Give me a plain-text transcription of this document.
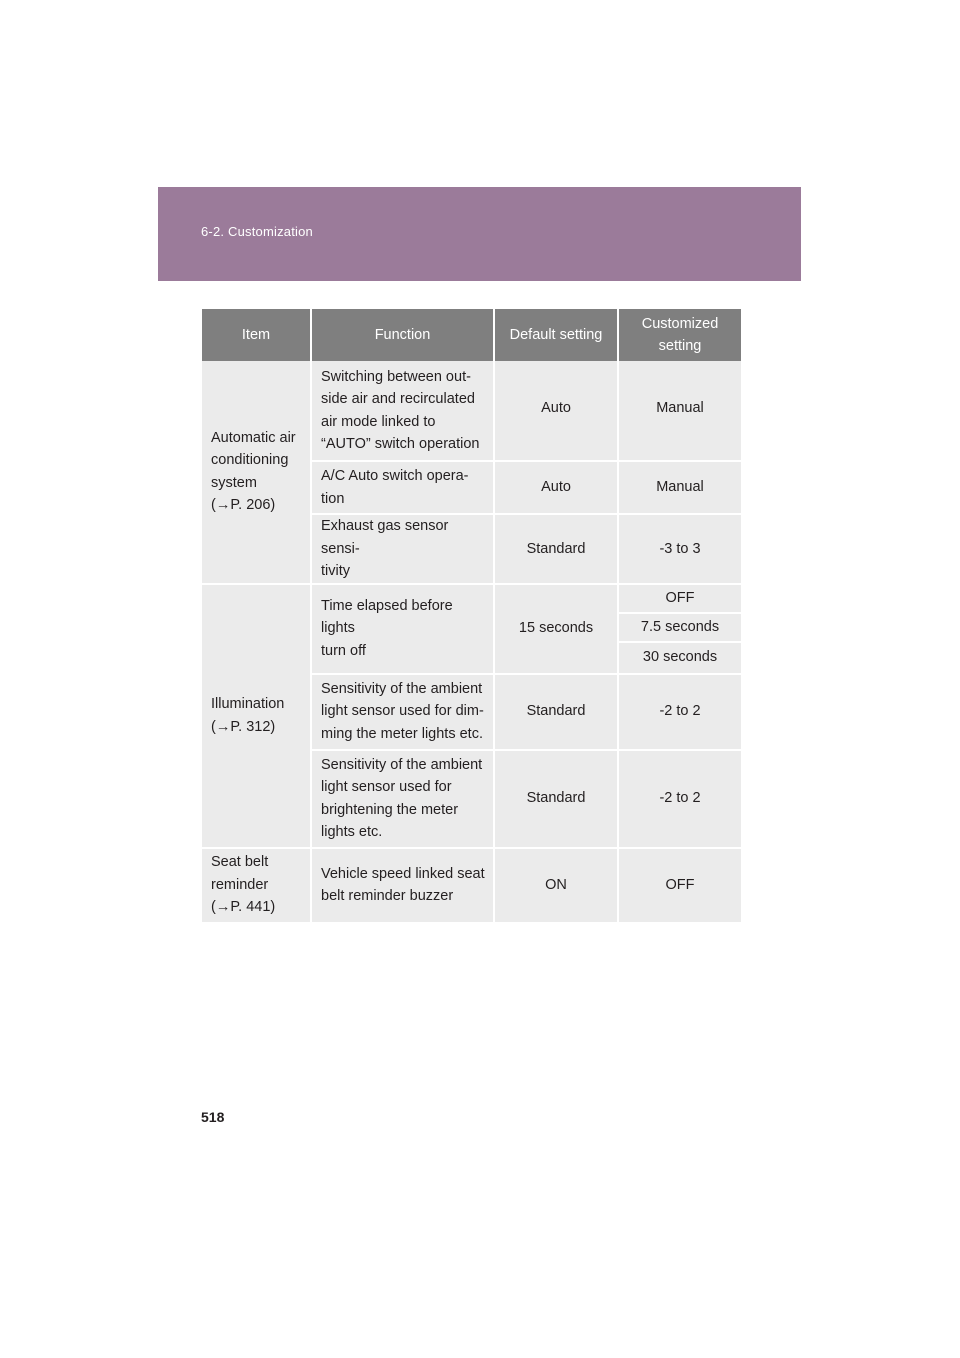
6-2. Customization
Item	Function	Default setting	Customized setting

Automatic air
conditioning
system
(→P. 206)	Switching between out-
side air and recirculated
air mode linked to
“AUTO” switch operation	Auto	Manual

	A/C Auto switch opera-
tion	Auto	Manual

	Exhaust gas sensor sensi-
tivity	Standard	-3 to 3

Illumination
(→P. 312)	Time elapsed before lights
turn off	15 seconds	OFF
			7.5 seconds
			30 seconds

	Sensitivity of the ambient
light sensor used for dim-
ming the meter lights etc.	Standard	-2 to 2

	Sensitivity of the ambient
light sensor used for
brightening the meter
lights etc.	Standard	-2 to 2

Seat belt
reminder
(→P. 441)	Vehicle speed linked seat
belt reminder buzzer	ON	OFF
518
